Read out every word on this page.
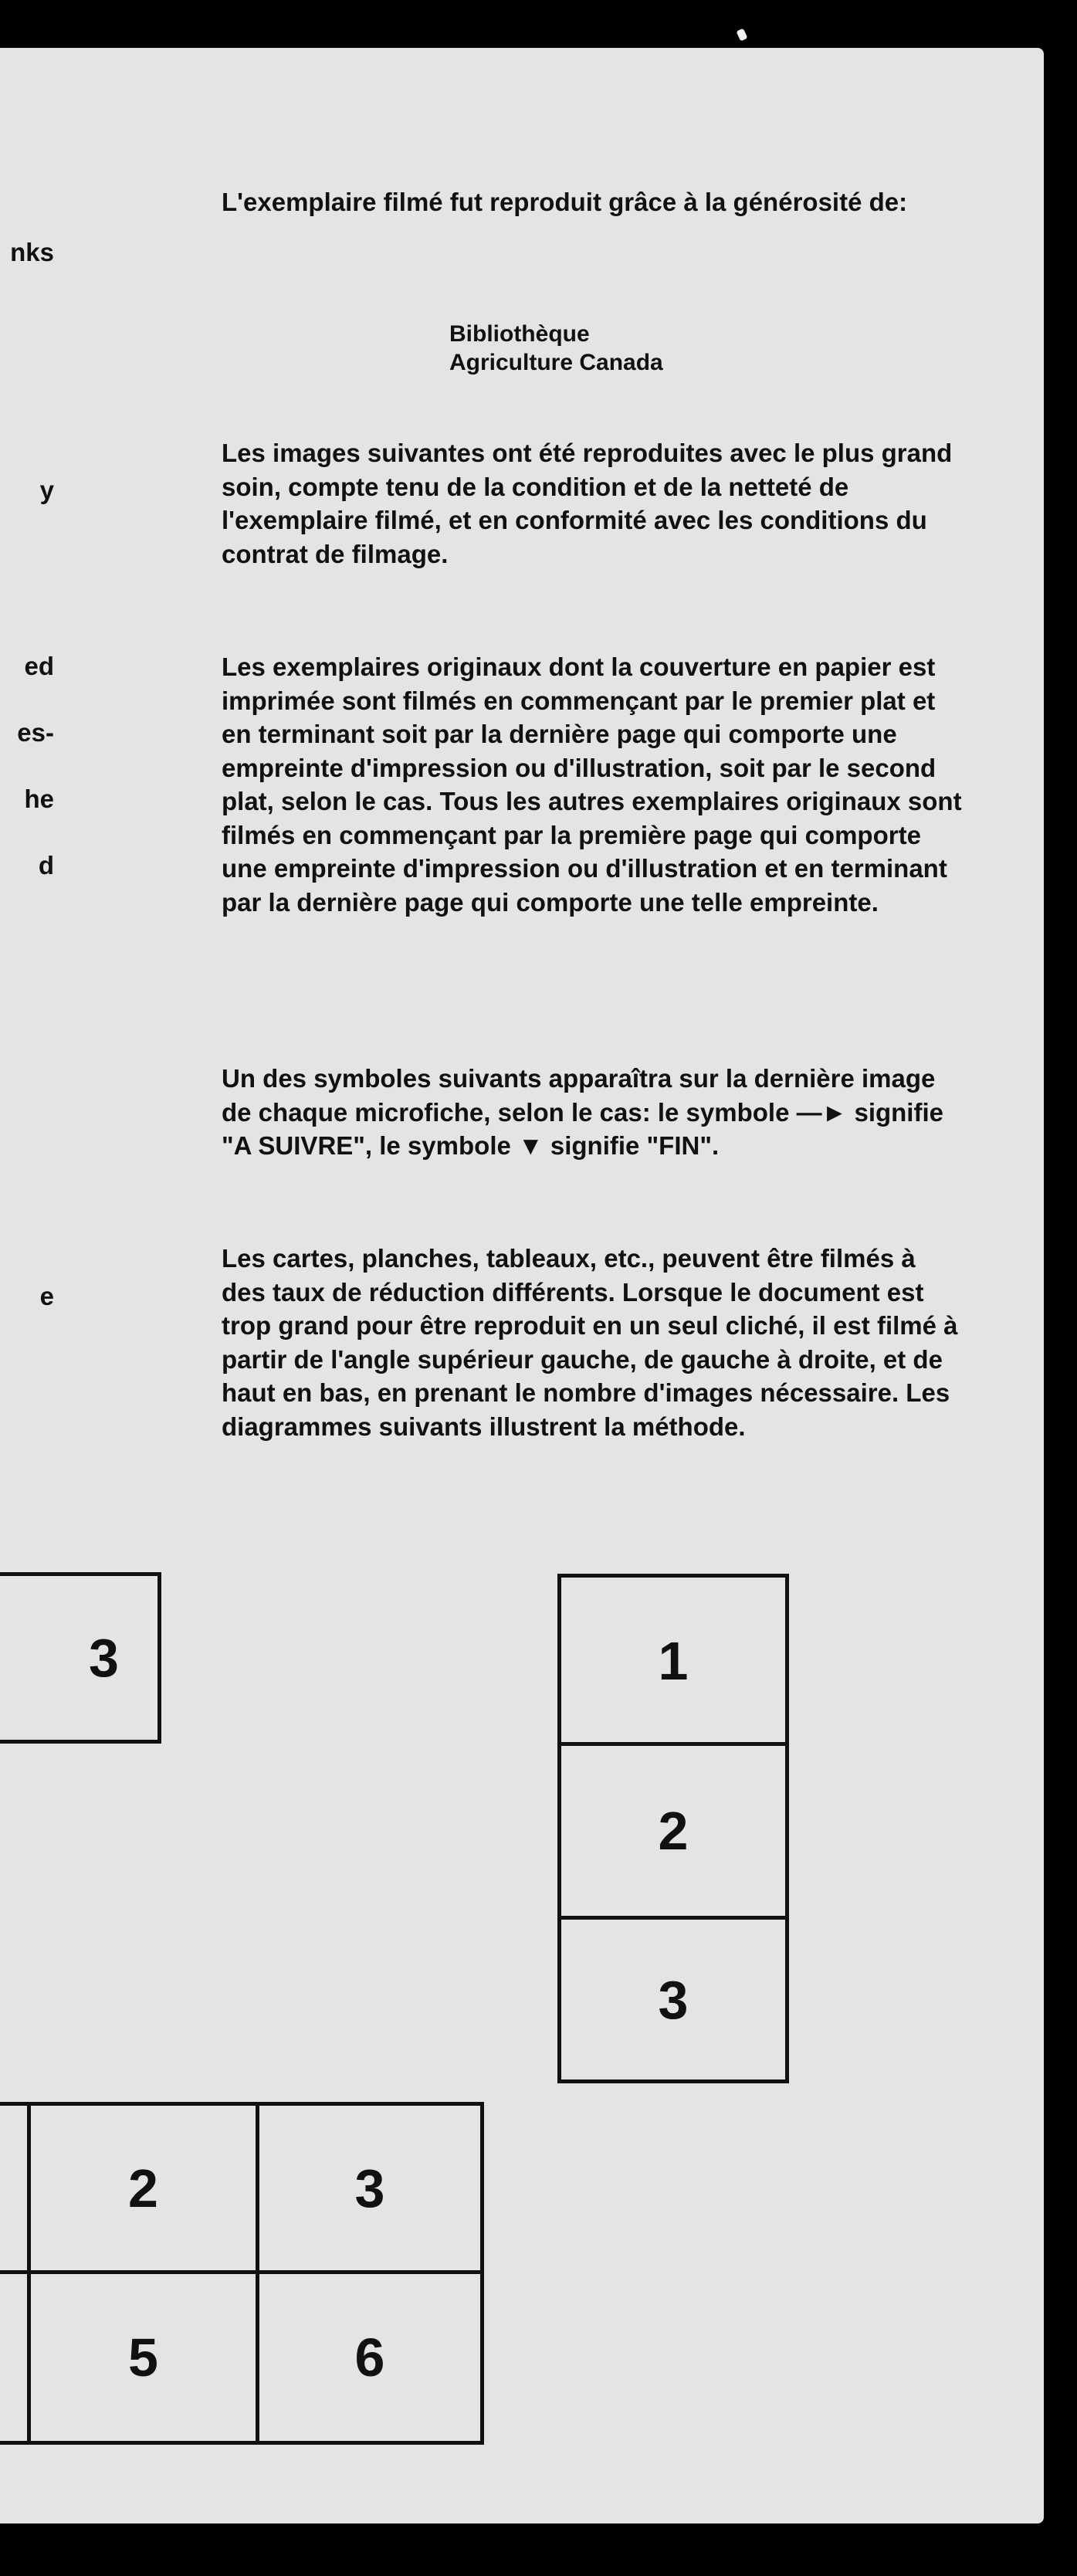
nks
y
ed
es-
he
d
e

L'exemplaire filmé fut reproduit grâce à la générosité de:

Bibliothèque
Agriculture Canada

Les images suivantes ont été reproduites avec le plus grand soin, compte tenu de la condition et de la netteté de l'exemplaire filmé, et en conformité avec les conditions du contrat de filmage.

Les exemplaires originaux dont la couverture en papier est imprimée sont filmés en commençant par le premier plat et en terminant soit par la dernière page qui comporte une empreinte d'impression ou d'illustration, soit par le second plat, selon le cas. Tous les autres exemplaires originaux sont filmés en commençant par la première page qui comporte une empreinte d'impression ou d'illustration et en terminant par la dernière page qui comporte une telle empreinte.

Un des symboles suivants apparaîtra sur la dernière image de chaque microfiche, selon le cas: le symbole —► signifie "A SUIVRE", le symbole ▼ signifie "FIN".

Les cartes, planches, tableaux, etc., peuvent être filmés à des taux de réduction différents. Lorsque le document est trop grand pour être reproduit en un seul cliché, il est filmé à partir de l'angle supérieur gauche, de gauche à droite, et de haut en bas, en prenant le nombre d'images nécessaire. Les diagrammes suivants illustrent la méthode.

3	1
2
3
2	3
5	6
